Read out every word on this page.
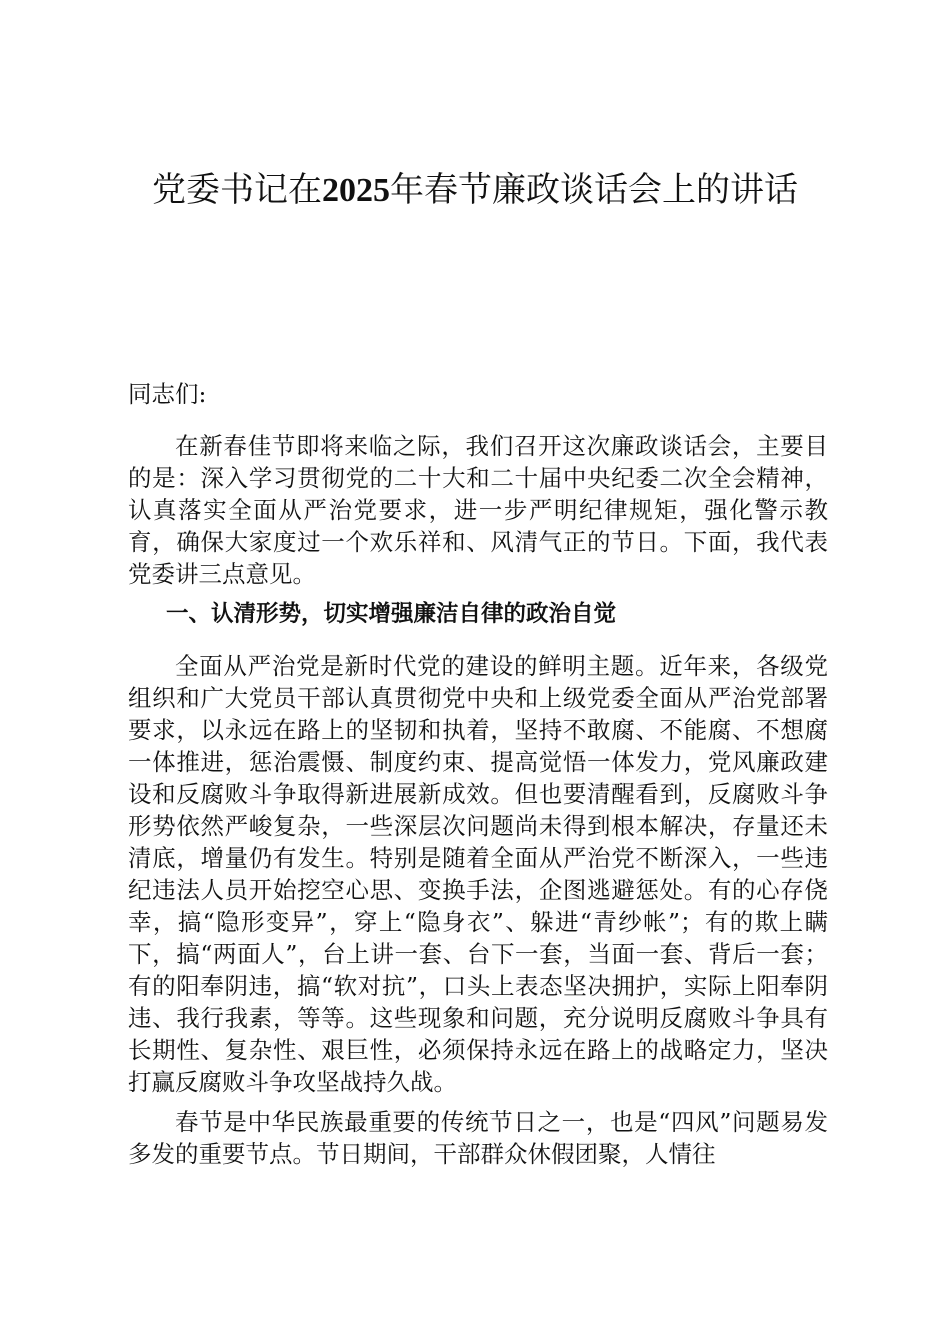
党委书记在2025年春节廉政谈话会上的讲话

同志们:

在新春佳节即将来临之际，我们召开这次廉政谈话会，主要目的是：深入学习贯彻党的二十大和二十届中央纪委二次全会精神，认真落实全面从严治党要求，进一步严明纪律规矩，强化警示教育，确保大家度过一个欢乐祥和、风清气正的节日。下面，我代表党委讲三点意见。

一、认清形势，切实增强廉洁自律的政治自觉

全面从严治党是新时代党的建设的鲜明主题。近年来，各级党组织和广大党员干部认真贯彻党中央和上级党委全面从严治党部署要求，以永远在路上的坚韧和执着，坚持不敢腐、不能腐、不想腐一体推进，惩治震慑、制度约束、提高觉悟一体发力，党风廉政建设和反腐败斗争取得新进展新成效。但也要清醒看到，反腐败斗争形势依然严峻复杂，一些深层次问题尚未得到根本解决，存量还未清底，增量仍有发生。特别是随着全面从严治党不断深入，一些违纪违法人员开始挖空心思、变换手法，企图逃避惩处。有的心存侥幸，搞“隐形变异”，穿上“隐身衣”、躲进“青纱帐”；有的欺上瞒下，搞“两面人”，台上讲一套、台下一套，当面一套、背后一套；有的阳奉阴违，搞“软对抗”，口头上表态坚决拥护，实际上阳奉阴违、我行我素，等等。这些现象和问题，充分说明反腐败斗争具有长期性、复杂性、艰巨性，必须保持永远在路上的战略定力，坚决打赢反腐败斗争攻坚战持久战。

春节是中华民族最重要的传统节日之一，也是“四风”问题易发多发的重要节点。节日期间，干部群众休假团聚，人情往
